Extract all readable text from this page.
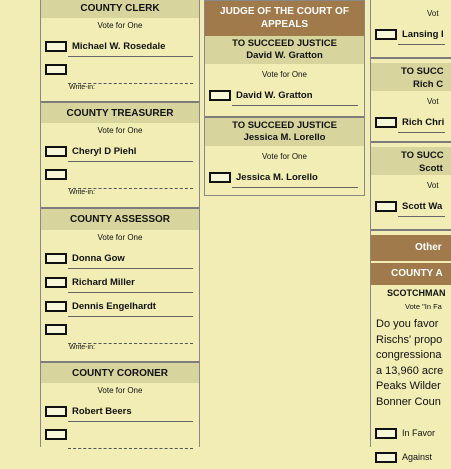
COUNTY CLERK
Vote for One
Michael W. Rosedale
Write-in:
COUNTY TREASURER
Vote for One
Cheryl D Piehl
Write-in:
COUNTY ASSESSOR
Vote for One
Donna Gow
Richard Miller
Dennis Engelhardt
Write-in:
COUNTY CORONER
Vote for One
Robert Beers
JUDGE OF THE COURT OF APPEALS
TO SUCCEED JUSTICE
David W. Gratton
Vote for One
David W. Gratton
TO SUCCEED JUSTICE
Jessica M. Lorello
Vote for One
Jessica M. Lorello
Vot
Lansing I
TO SUCC
Rich C
Vot
Rich Chri
TO SUCC
Scott
Vot
Scott Wa
Other
COUNTY A
SCOTCHMAN
Vote "In Fa
Do you favor
Rischs' propo
congressiona
a 13,960 acre
Peaks Wilder
Bonner Coun
In Favor
Against
